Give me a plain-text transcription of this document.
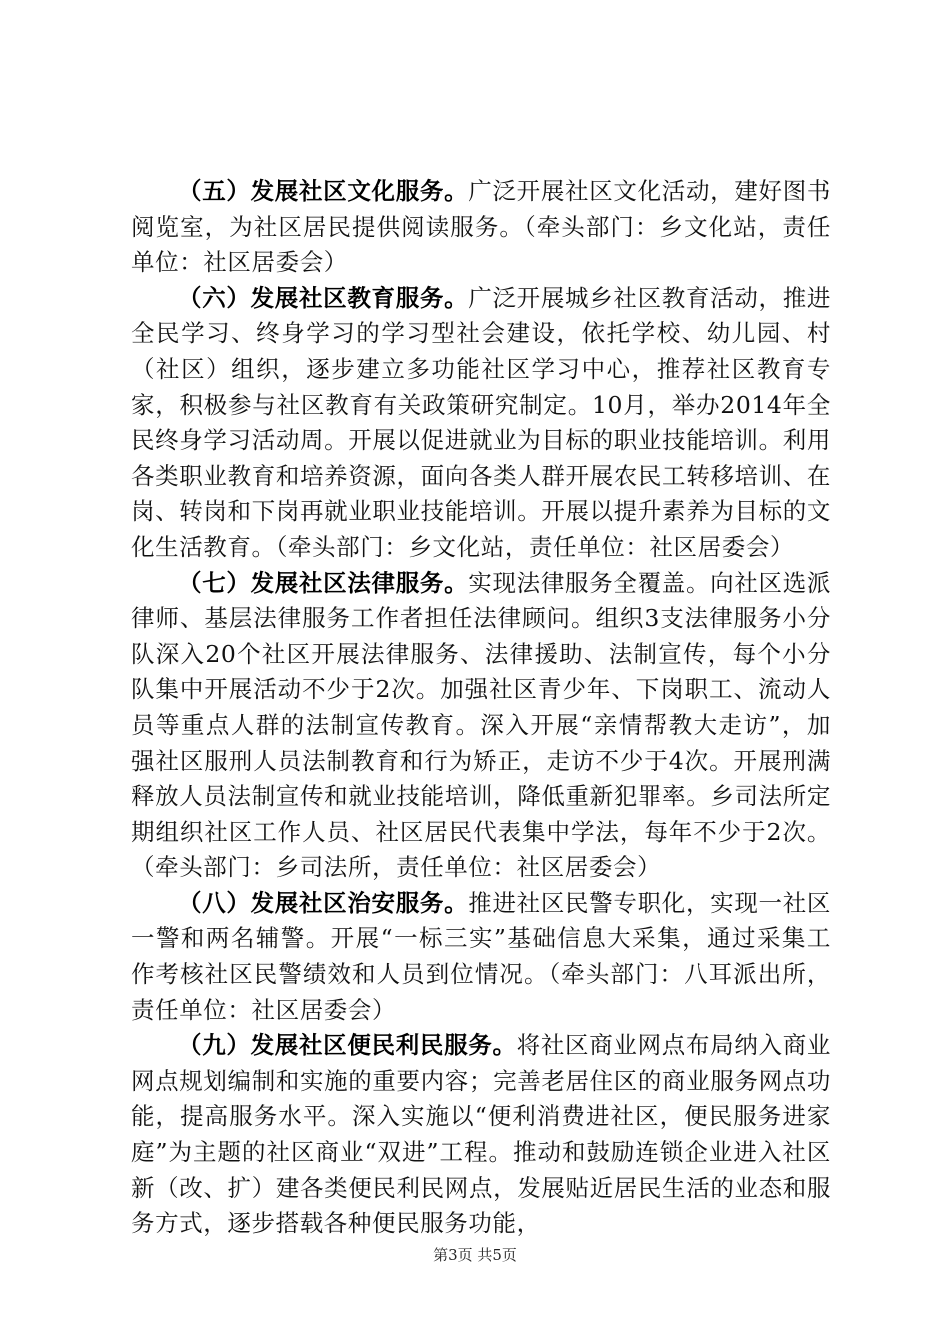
（五）发展社区文化服务。广泛开展社区文化活动，建好图书阅览室，为社区居民提供阅读服务。（牵头部门：乡文化站，责任单位：社区居委会）

（六）发展社区教育服务。广泛开展城乡社区教育活动，推进全民学习、终身学习的学习型社会建设，依托学校、幼儿园、村（社区）组织，逐步建立多功能社区学习中心，推荐社区教育专家，积极参与社区教育有关政策研究制定。10月，举办2014年全民终身学习活动周。开展以促进就业为目标的职业技能培训。利用各类职业教育和培养资源，面向各类人群开展农民工转移培训、在岗、转岗和下岗再就业职业技能培训。开展以提升素养为目标的文化生活教育。（牵头部门：乡文化站，责任单位：社区居委会）

（七）发展社区法律服务。实现法律服务全覆盖。向社区选派律师、基层法律服务工作者担任法律顾问。组织3支法律服务小分队深入20个社区开展法律服务、法律援助、法制宣传，每个小分队集中开展活动不少于2次。加强社区青少年、下岗职工、流动人员等重点人群的法制宣传教育。深入开展“亲情帮教大走访”，加强社区服刑人员法制教育和行为矫正，走访不少于4次。开展刑满释放人员法制宣传和就业技能培训，降低重新犯罪率。乡司法所定期组织社区工作人员、社区居民代表集中学法，每年不少于2次。（牵头部门：乡司法所，责任单位：社区居委会）

（八）发展社区治安服务。推进社区民警专职化，实现一社区一警和两名辅警。开展“一标三实”基础信息大采集，通过采集工作考核社区民警绩效和人员到位情况。（牵头部门：八耳派出所，责任单位：社区居委会）

（九）发展社区便民利民服务。将社区商业网点布局纳入商业网点规划编制和实施的重要内容；完善老居住区的商业服务网点功能，提高服务水平。深入实施以“便利消费进社区，便民服务进家庭”为主题的社区商业“双进”工程。推动和鼓励连锁企业进入社区新（改、扩）建各类便民利民网点，发展贴近居民生活的业态和服务方式，逐步搭载各种便民服务功能，

第3页 共5页
